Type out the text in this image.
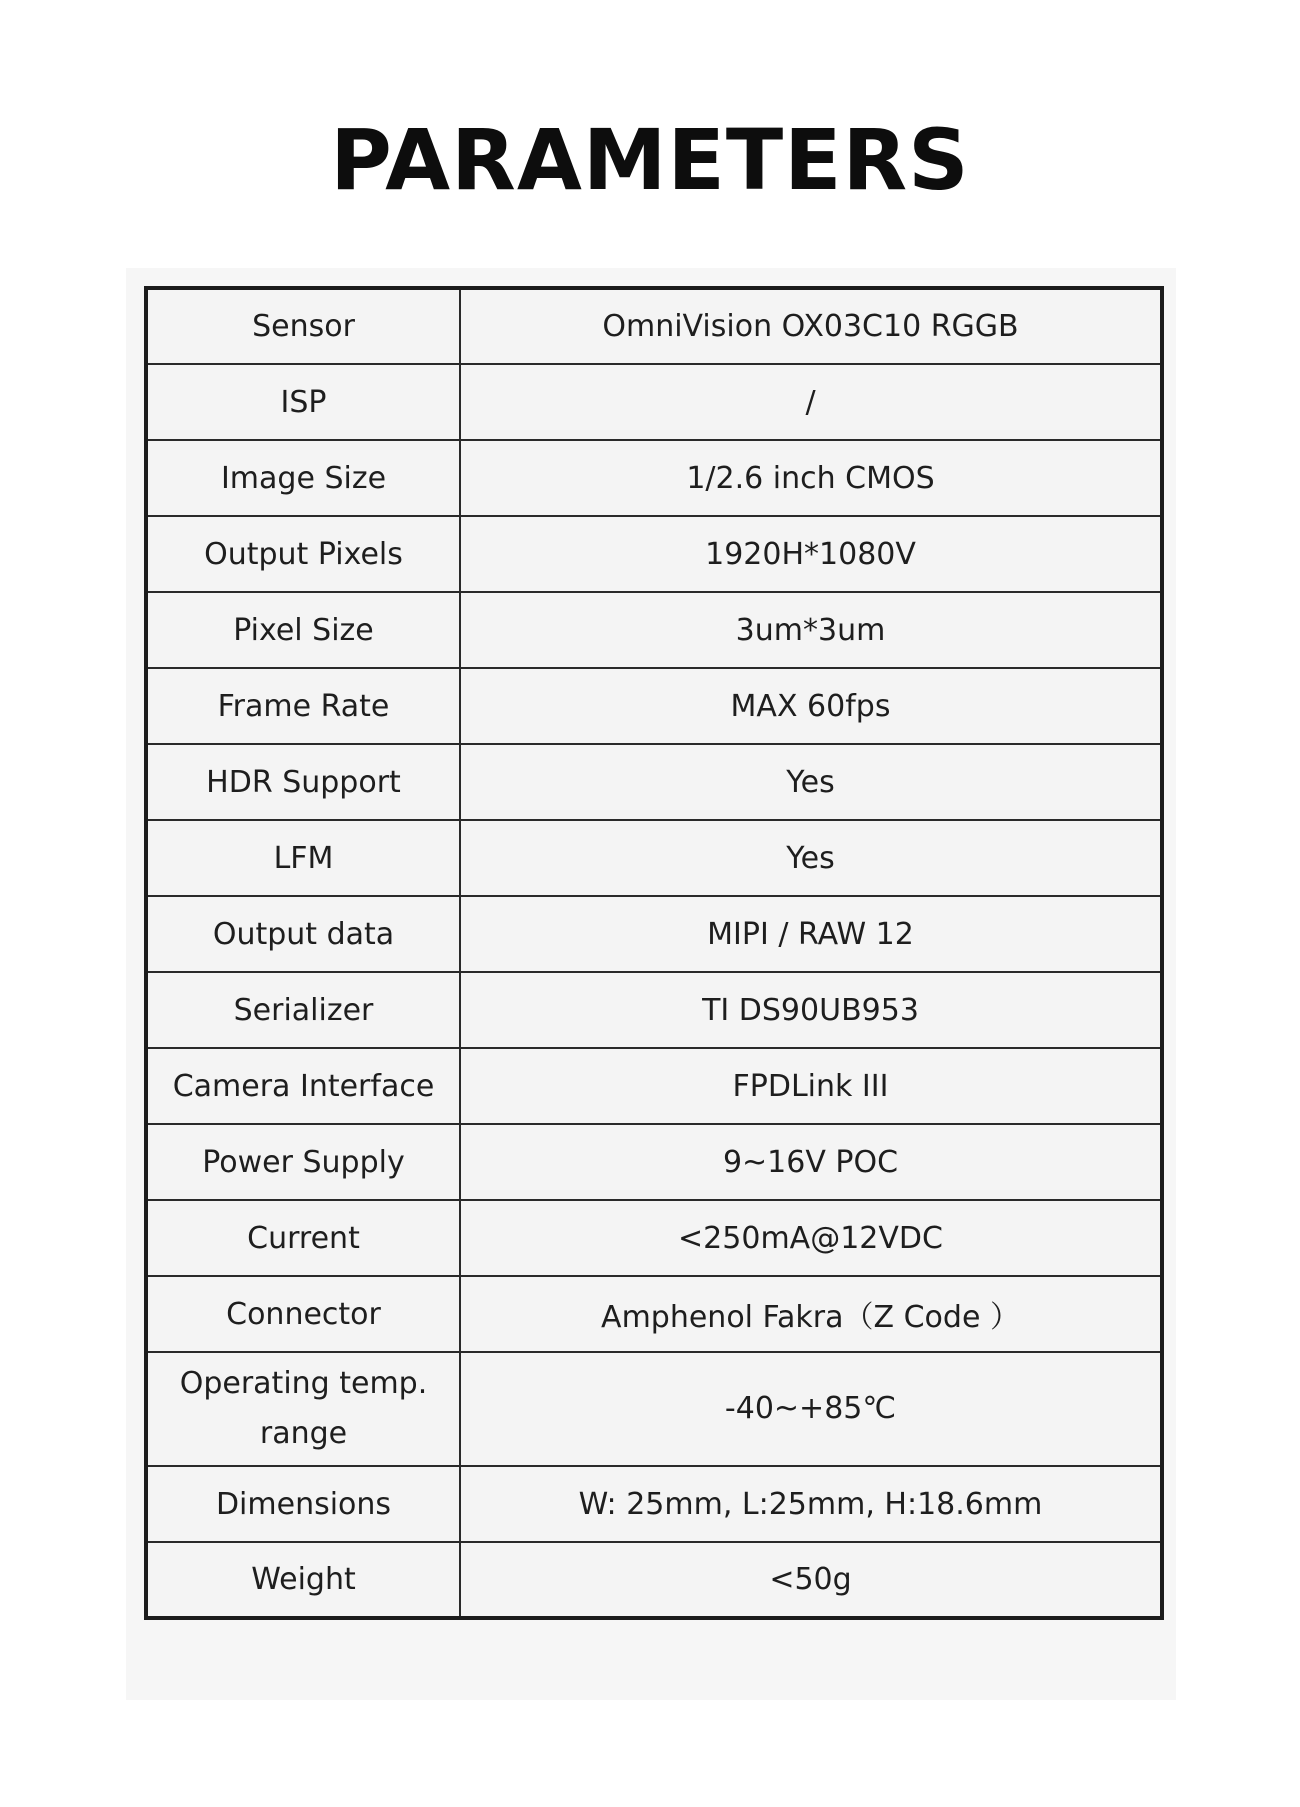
PARAMETERS
Sensor	OmniVision OX03C10 RGGB
ISP	/
Image Size	1/2.6 inch CMOS
Output Pixels	1920H*1080V
Pixel Size	3um*3um
Frame Rate	MAX 60fps
HDR Support	Yes
LFM	Yes
Output data	MIPI / RAW 12
Serializer	TI DS90UB953
Camera Interface	FPDLink III
Power Supply	9~16V POC
Current	<250mA@12VDC
Connector	Amphenol Fakra（Z Code ）
Operating temp. range	-40~+85℃
Dimensions	W: 25mm, L:25mm, H:18.6mm
Weight	<50g
